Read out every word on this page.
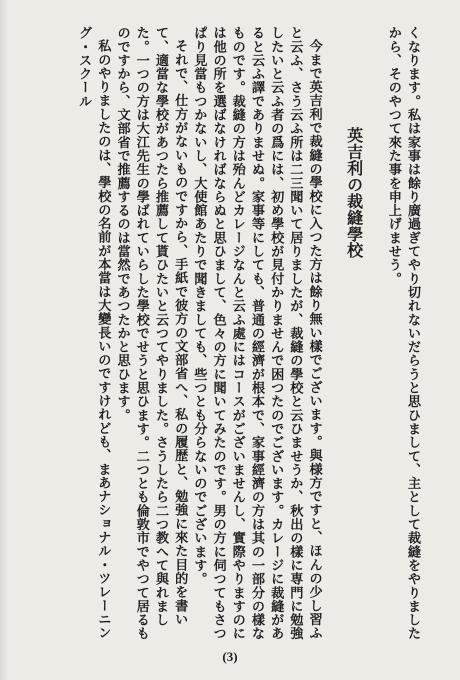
くなります。私は家事は餘り廣過ぎてやり切れないだらうと思ひまして、主として裁縫をやりましたから、そのやつて來た事を申上げませう。

英吉利の裁縫學校

今まで英吉利で裁縫の學校に入つた方は餘り無い樣でございます。與様方ですと、ほんの少し習ふと云ふ、さう云ふ所は二三聞いて居りましたが、裁縫の學校と云ひませうか、秋出の樣に専門に勉強したいと云ふ者の爲には、初め學校が見付かりませんで困つたのでございます。カレージに裁縫があると云ふ譯でありませぬ。家事等にしても、普通の經濟が根本で、家事經濟の方は其の一部分の樣なものです。裁縫の方は殆んどカレージなんと云ふ處にはコースがございませんし、實際やりますのには他の所を選ばなければならぬと思ひまして、色々の方に聞いてみたのです。男の方に伺つてもさつぱり見當もつかないし、大使館あたりで聞きましても、些つとも分らないのでございます。

それで、仕方がないものですから、手紙で彼方の文部省へ、私の履歴と、勉強に來た目的を書いて、適當な學校があつたら推薦して貰ひたいと云つてやりました。さうしたら二つ教へて與れました。一つの方は大江先生の學ばれていらした學校でせうと思ひます。二つとも倫敦市でやつて居るものですから、文部省で推薦するのは當然であつたかと思ひます。

私のやりましたのは、學校の名前が本當は大變長いのですけれども、まあナショナル・ツレーニング・スクール

(3)
